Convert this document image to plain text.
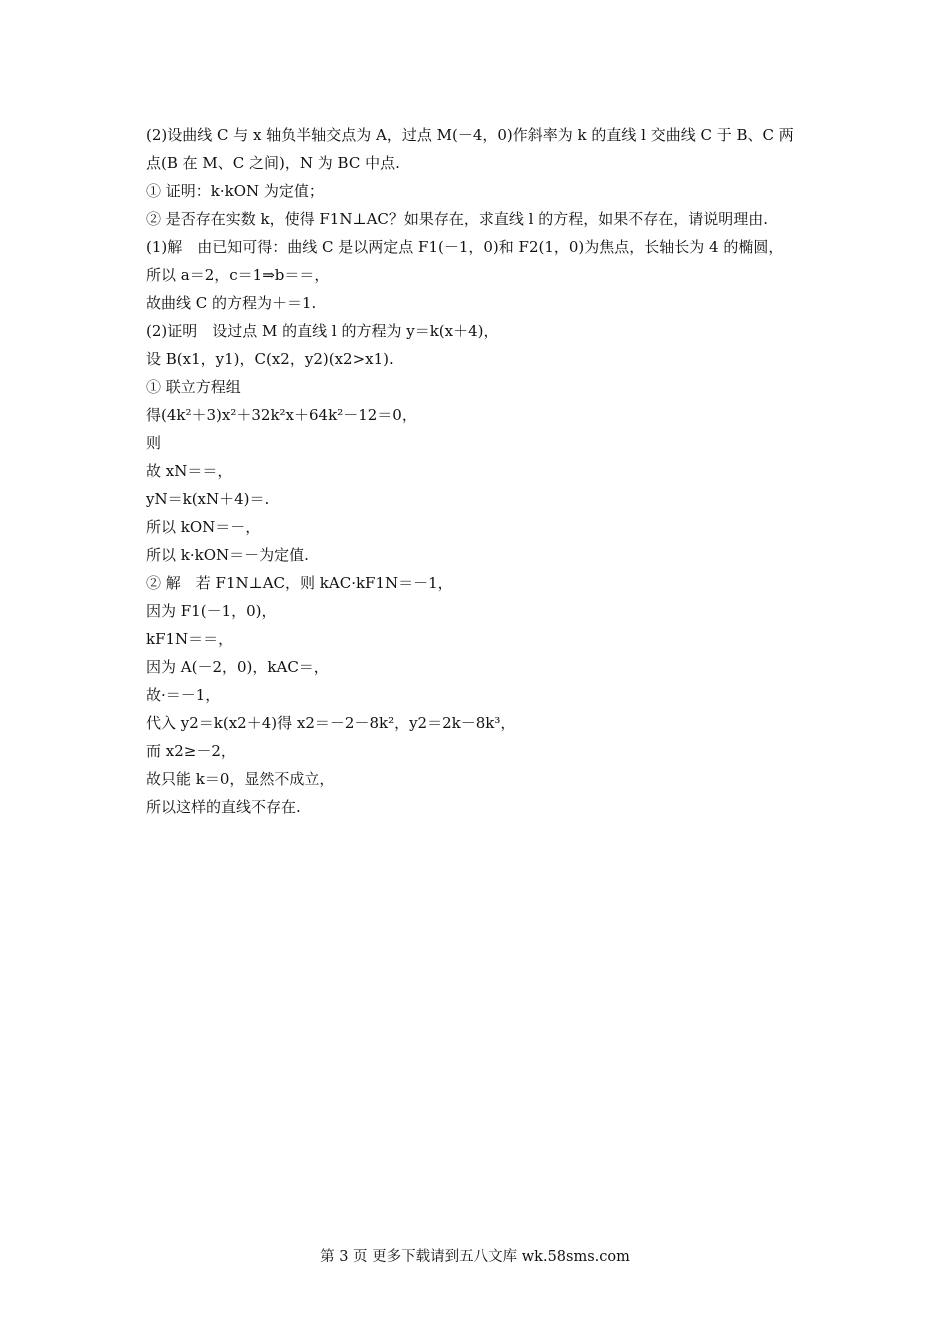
(2)设曲线 C 与 x 轴负半轴交点为 A，过点 M(－4，0)作斜率为 k 的直线 l 交曲线 C 于 B、C 两点(B 在 M、C 之间)，N 为 BC 中点.
① 证明：k·kON 为定值；
② 是否存在实数 k，使得 F1N⊥AC？如果存在，求直线 l 的方程，如果不存在，请说明理由.
(1)解　由已知可得：曲线 C 是以两定点 F1(－1，0)和 F2(1，0)为焦点，长轴长为 4 的椭圆，
所以 a＝2，c＝1⇒b＝＝，
故曲线 C 的方程为＋＝1.
(2)证明　设过点 M 的直线 l 的方程为 y＝k(x＋4)，
设 B(x1，y1)，C(x2，y2)(x2>x1).
① 联立方程组
得(4k²＋3)x²＋32k²x＋64k²－12＝0，
则
故 xN＝＝，
yN＝k(xN＋4)＝.
所以 kON＝－，
所以 k·kON＝－为定值.
② 解　若 F1N⊥AC，则 kAC·kF1N＝－1，
因为 F1(－1，0)，
kF1N＝＝，
因为 A(－2，0)，kAC＝，
故·＝－1，
代入 y2＝k(x2＋4)得 x2＝－2－8k²，y2＝2k－8k³，
而 x2≥－2，
故只能 k＝0，显然不成立，
所以这样的直线不存在.
第 3 页 更多下载请到五八文库 wk.58sms.com
